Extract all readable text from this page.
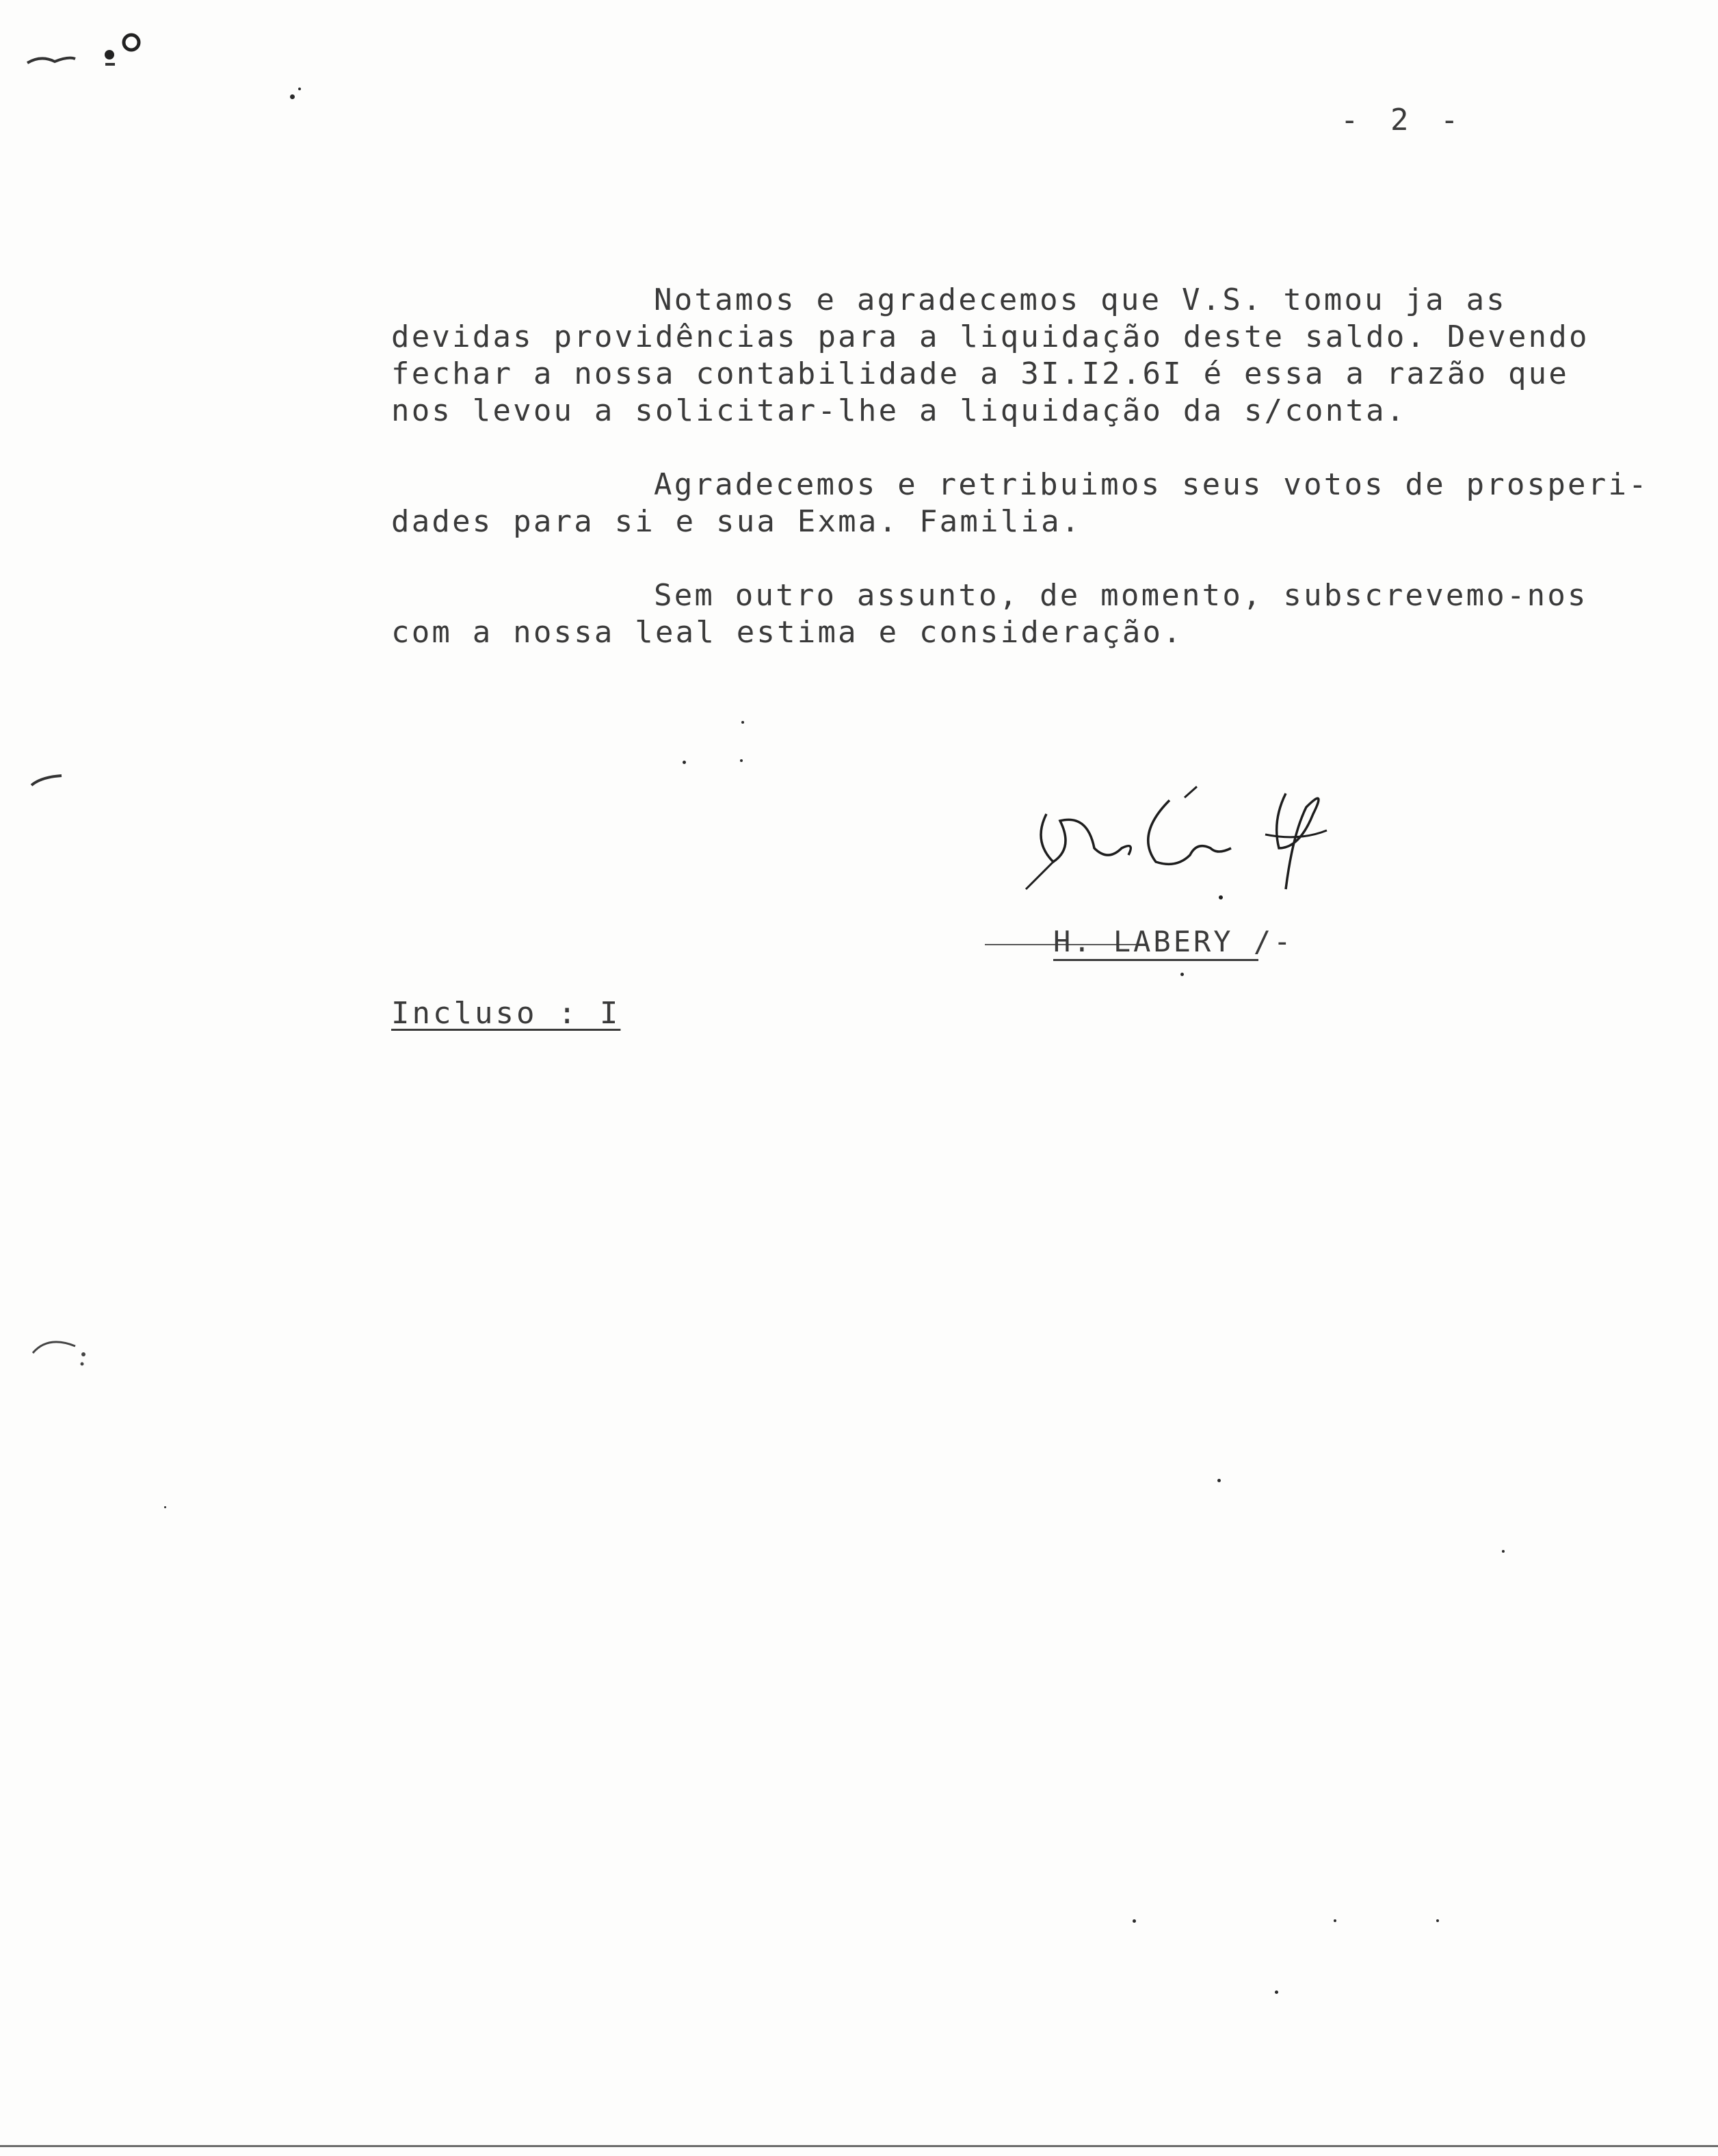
- 2 -
Notamos e agradecemos que V.S. tomou ja as
devidas providências para a liquidação deste saldo. Devendo
fechar a nossa contabilidade a 3I.I2.6I é essa a razão que
nos levou a solicitar-lhe a liquidação da s/conta.
Agradecemos e retribuimos seus votos de prosperi-
dades para si e sua Exma. Familia.
Sem outro assunto, de momento, subscrevemo-nos
com a nossa leal estima e consideração.
H. LABERY /-
Incluso : I
